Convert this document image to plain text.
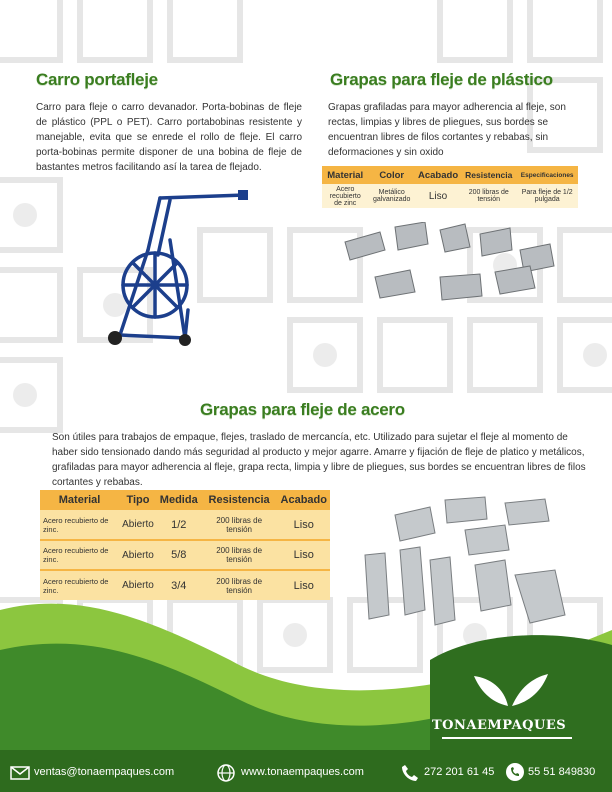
Carro portafleje
Carro para fleje o carro devanador. Porta-bobinas de fleje de plástico (PPL o PET). Carro portabobinas resistente y manejable, evita que se enrede el rollo de fleje. El carro porta-bobinas permite disponer de una bobina de fleje de bastantes metros facilitando así la tarea de flejado.
Grapas para fleje de plástico
Grapas grafiladas para mayor adherencia al fleje, son rectas, limpias y libres de pliegues, sus bordes se encuentran libres de filos cortantes y rebabas, sin deformaciones y sin oxido
Material	Color	Acabado	Resistencia	Especificaciones
Acero recubierto de zinc	Metálico galvanizado	Liso	200 libras de tensión	Para fleje de 1/2 pulgada
Grapas para fleje de acero
Son útiles para trabajos de empaque, flejes, traslado de mercancía, etc. Utilizado para sujetar el fleje al momento de haber sido tensionado dando más seguridad al producto y mejor agarre. Amarre y fijación de fleje de platico y metálicos, grafiladas para mayor adherencia al fleje, grapa recta, limpia y libre de pliegues, sus bordes se encuentran libres de filos cortantes y rebabas.
Material	Tipo	Medida	Resistencia	Acabado
Acero recubierto de zinc.	Abierto	1/2	200 libras de tensión	Liso
Acero recubierto de zinc.	Abierto	5/8	200 libras de tensión	Liso
Acero recubierto de zinc.	Abierto	3/4	200 libras de tensión	Liso
TONAEMPAQUES
ventas@tonaempaques.com	www.tonaempaques.com	272 201 61 45	55 51 849830
